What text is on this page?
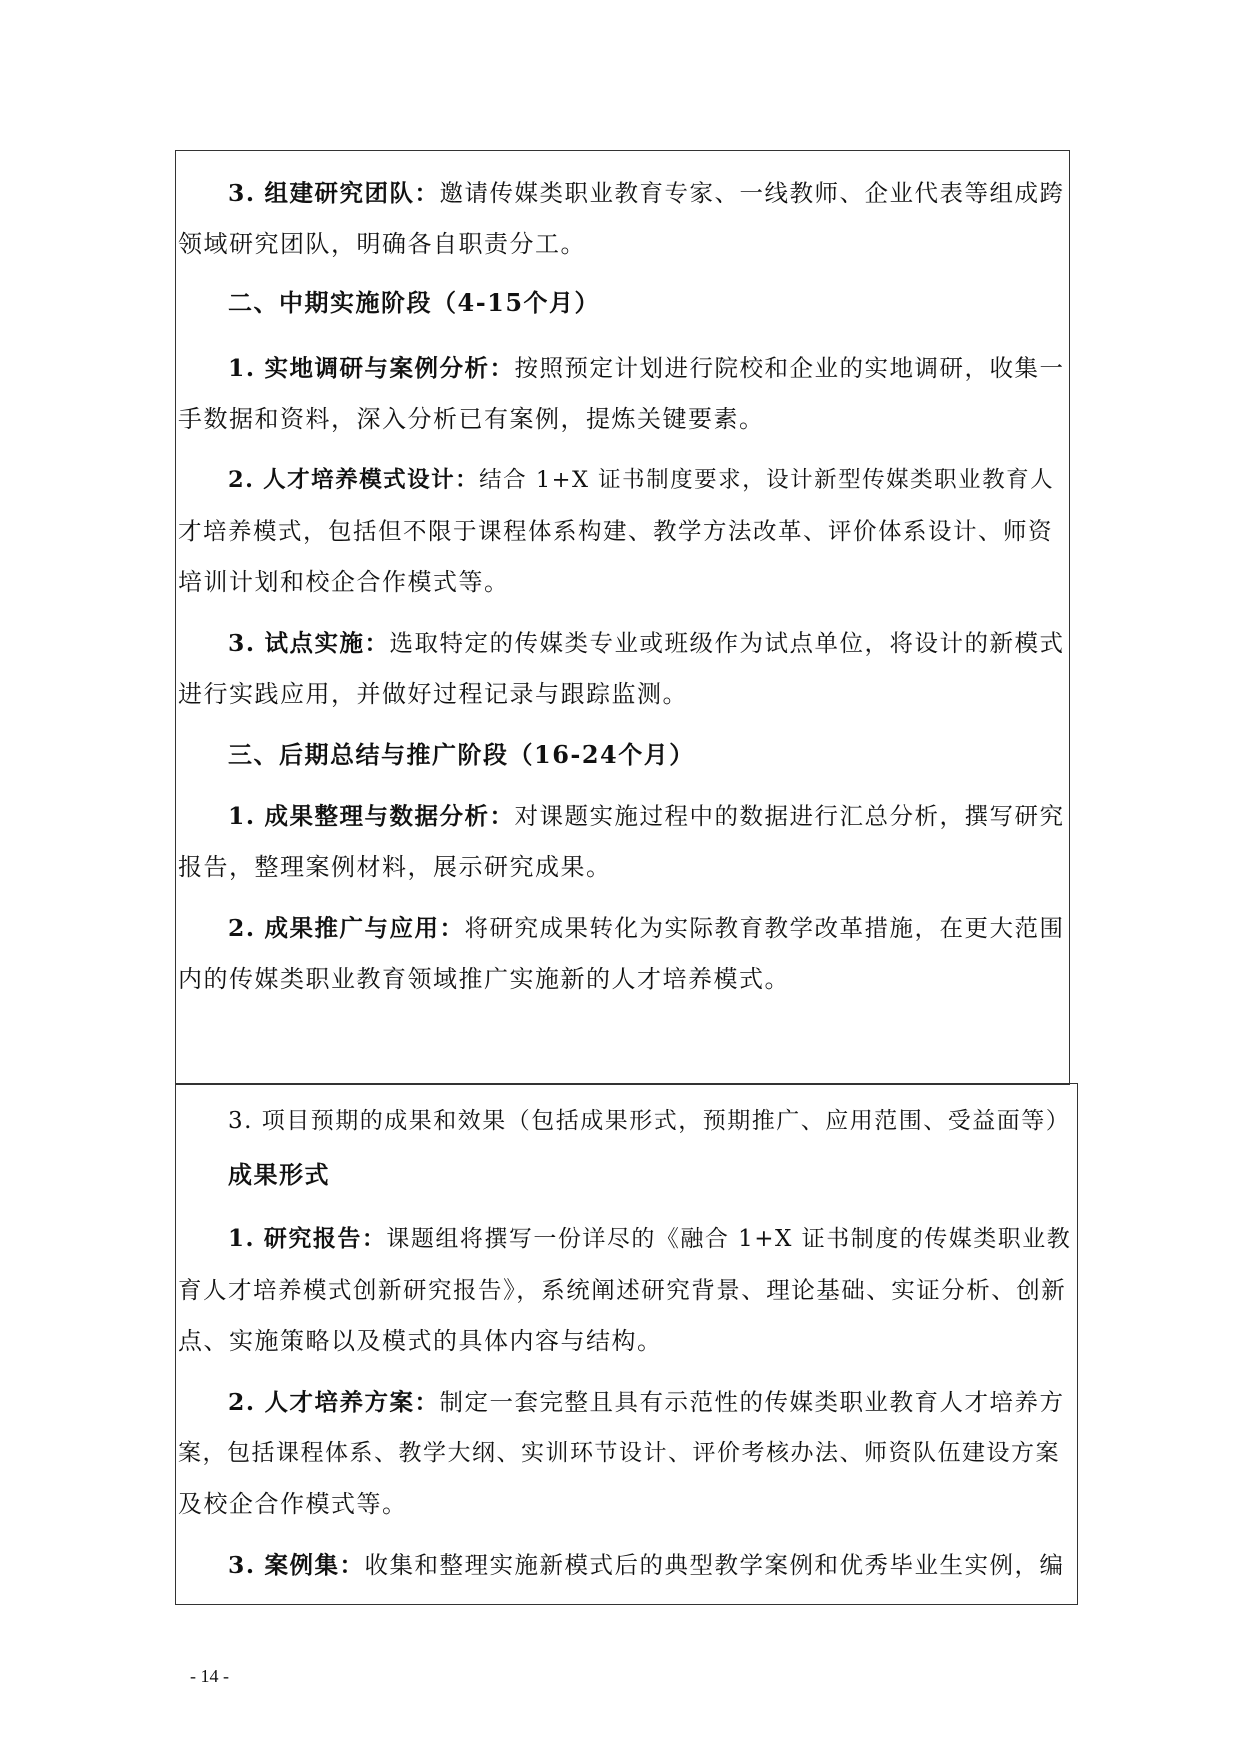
3. 组建研究团队：邀请传媒类职业教育专家、一线教师、企业代表等组成跨
领域研究团队，明确各自职责分工。
二、中期实施阶段（4-15个月）
1. 实地调研与案例分析：按照预定计划进行院校和企业的实地调研，收集一
手数据和资料，深入分析已有案例，提炼关键要素。
2. 人才培养模式设计：结合 1+X 证书制度要求，设计新型传媒类职业教育人
才培养模式，包括但不限于课程体系构建、教学方法改革、评价体系设计、师资
培训计划和校企合作模式等。
3. 试点实施：选取特定的传媒类专业或班级作为试点单位，将设计的新模式
进行实践应用，并做好过程记录与跟踪监测。
三、后期总结与推广阶段（16-24个月）
1. 成果整理与数据分析：对课题实施过程中的数据进行汇总分析，撰写研究
报告，整理案例材料，展示研究成果。
2. 成果推广与应用：将研究成果转化为实际教育教学改革措施，在更大范围
内的传媒类职业教育领域推广实施新的人才培养模式。
3. 项目预期的成果和效果（包括成果形式，预期推广、应用范围、受益面等）
成果形式
1. 研究报告：课题组将撰写一份详尽的《融合 1+X 证书制度的传媒类职业教
育人才培养模式创新研究报告》，系统阐述研究背景、理论基础、实证分析、创新
点、实施策略以及模式的具体内容与结构。
2. 人才培养方案：制定一套完整且具有示范性的传媒类职业教育人才培养方
案，包括课程体系、教学大纲、实训环节设计、评价考核办法、师资队伍建设方案
及校企合作模式等。
3. 案例集：收集和整理实施新模式后的典型教学案例和优秀毕业生实例，编
- 14 -
